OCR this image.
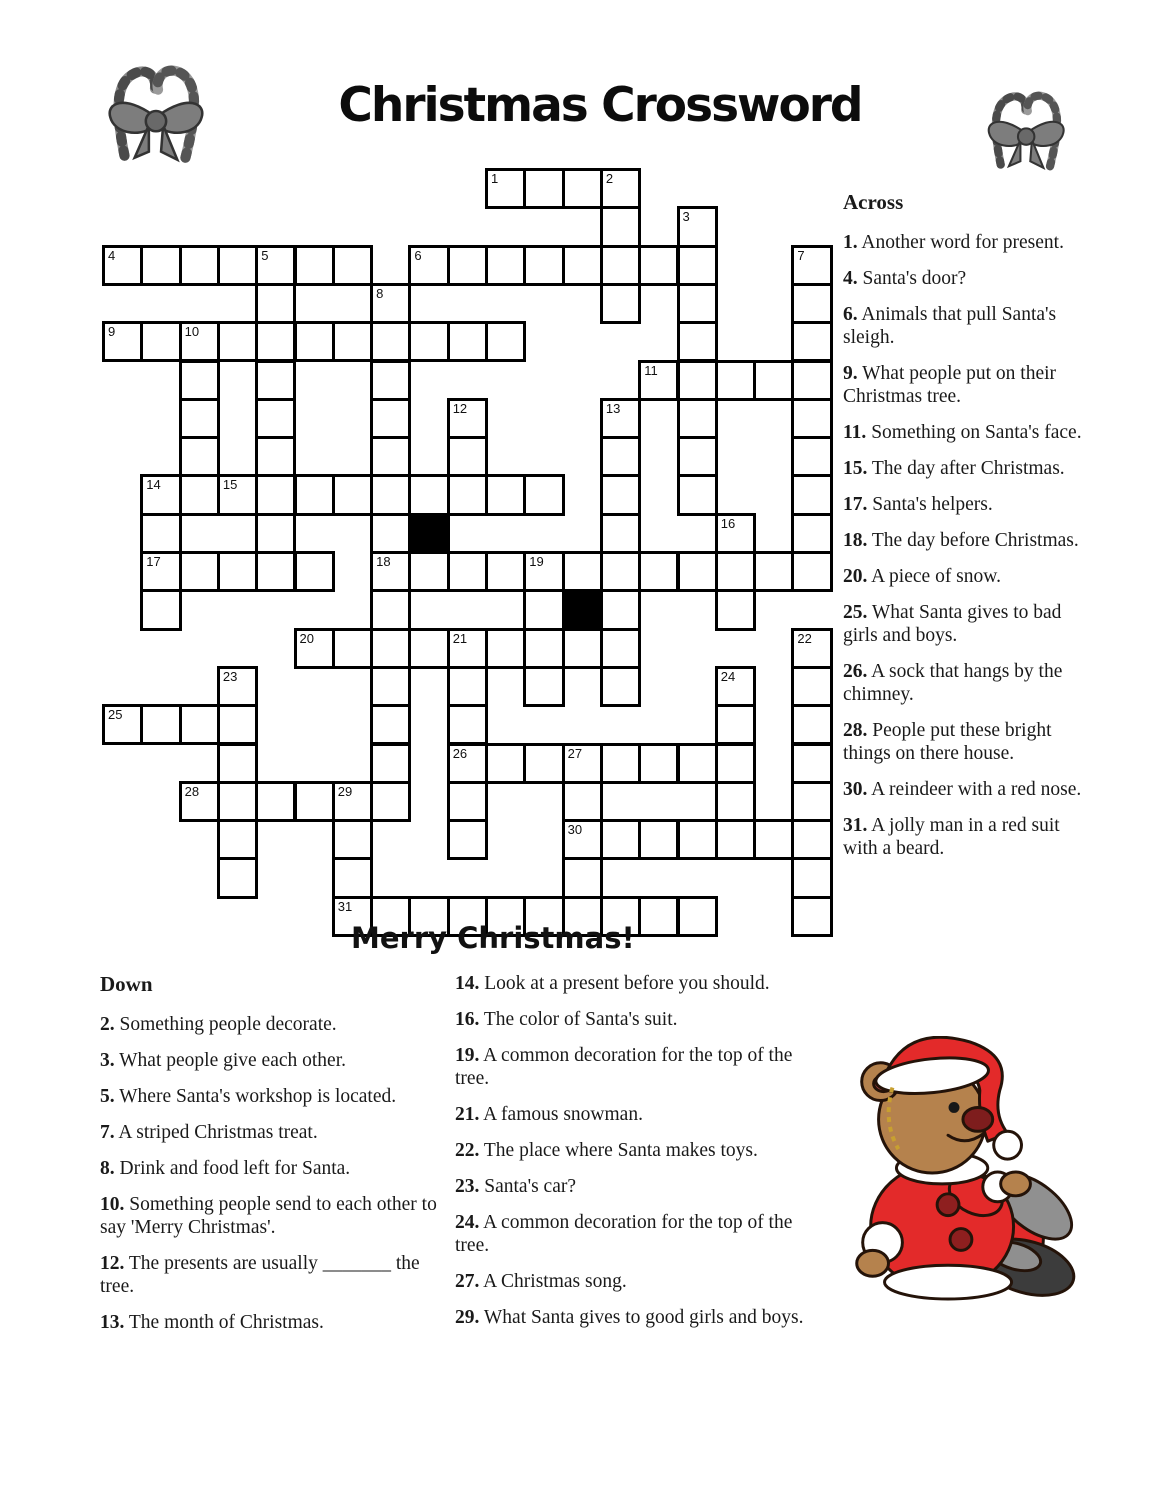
Christmas Crossword
1	2
3
4	5	6	7
8
9	10
11
12	13
14	15
16
17	18	19
20	21	22
23	24
25
26	27
28	29
30
31
Merry Christmas!

Across

1. Another word for present.

4. Santa's door?

6. Animals that pull Santa's sleigh.

9. What people put on their Christmas tree.

11. Something on Santa's face.

15. The day after Christmas.

17. Santa's helpers.

18. The day before Christmas.

20. A piece of snow.

25. What Santa gives to bad girls and boys.

26. A sock that hangs by the chimney.

28. People put these bright things on there house.

30. A reindeer with a red nose.

31. A jolly man in a red suit with a beard.

Down

2. Something people decorate.

3. What people give each other.

5. Where Santa's workshop is located.

7. A striped Christmas treat.

8. Drink and food left for Santa.

10. Something people send to each other to say 'Merry Christmas'.

12. The presents are usually _______ the tree.

13. The month of Christmas.

14. Look at a present before you should.

16. The color of Santa's suit.

19. A common decoration for the top of the tree.

21. A famous snowman.

22. The place where Santa makes toys.

23. Santa's car?

24. A common decoration for the top of the tree.

27. A Christmas song.

29. What Santa gives to good girls and boys.
